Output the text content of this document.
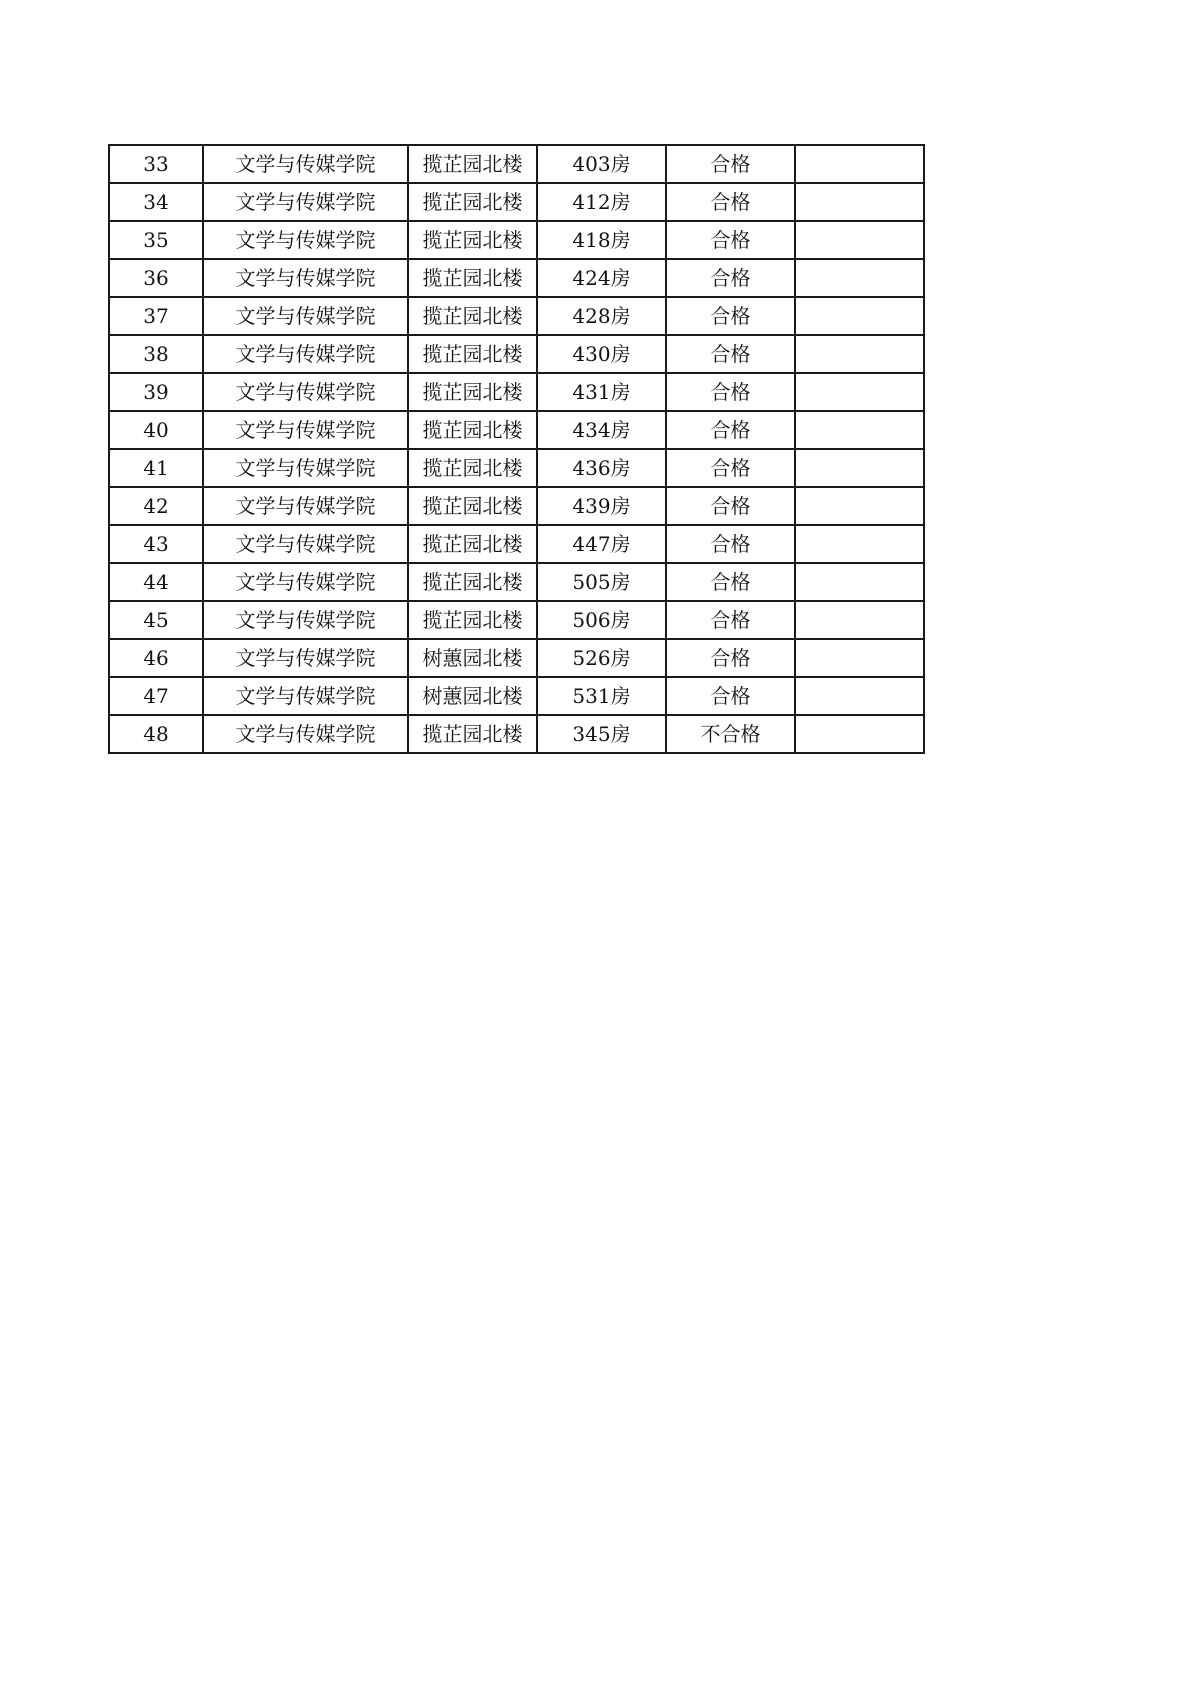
33	文学与传媒学院	揽芷园北楼	403房	合格	
34	文学与传媒学院	揽芷园北楼	412房	合格	
35	文学与传媒学院	揽芷园北楼	418房	合格	
36	文学与传媒学院	揽芷园北楼	424房	合格	
37	文学与传媒学院	揽芷园北楼	428房	合格	
38	文学与传媒学院	揽芷园北楼	430房	合格	
39	文学与传媒学院	揽芷园北楼	431房	合格	
40	文学与传媒学院	揽芷园北楼	434房	合格	
41	文学与传媒学院	揽芷园北楼	436房	合格	
42	文学与传媒学院	揽芷园北楼	439房	合格	
43	文学与传媒学院	揽芷园北楼	447房	合格	
44	文学与传媒学院	揽芷园北楼	505房	合格	
45	文学与传媒学院	揽芷园北楼	506房	合格	
46	文学与传媒学院	树蕙园北楼	526房	合格	
47	文学与传媒学院	树蕙园北楼	531房	合格	
48	文学与传媒学院	揽芷园北楼	345房	不合格	
